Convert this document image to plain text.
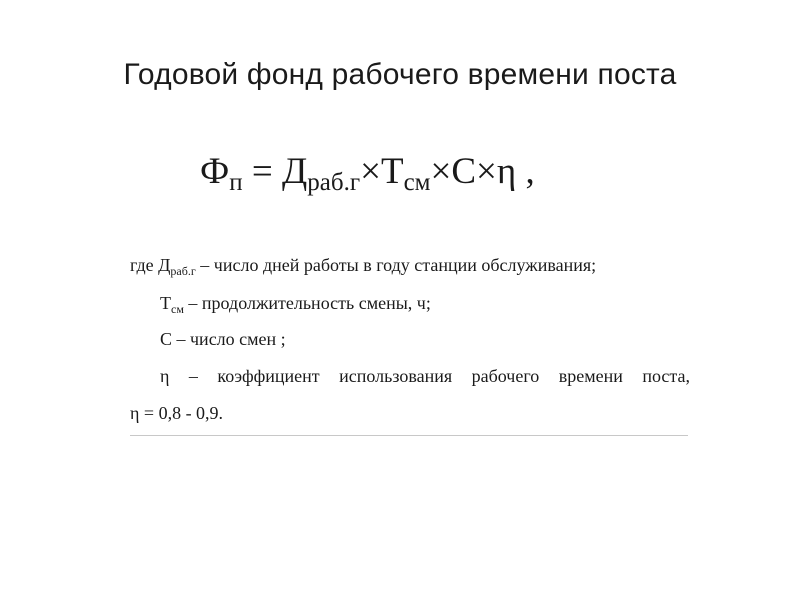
Годовой фонд рабочего времени поста
Фп = Драб.г×Тсм×С×η ,
где $Д_{раб.г}$ – число дней работы в году станции обслуживания;
$Т_{см}$ – продолжительность смены, ч;
С – число смен ;
η – коэффициент использования рабочего времени поста,
η = 0,8 - 0,9.
